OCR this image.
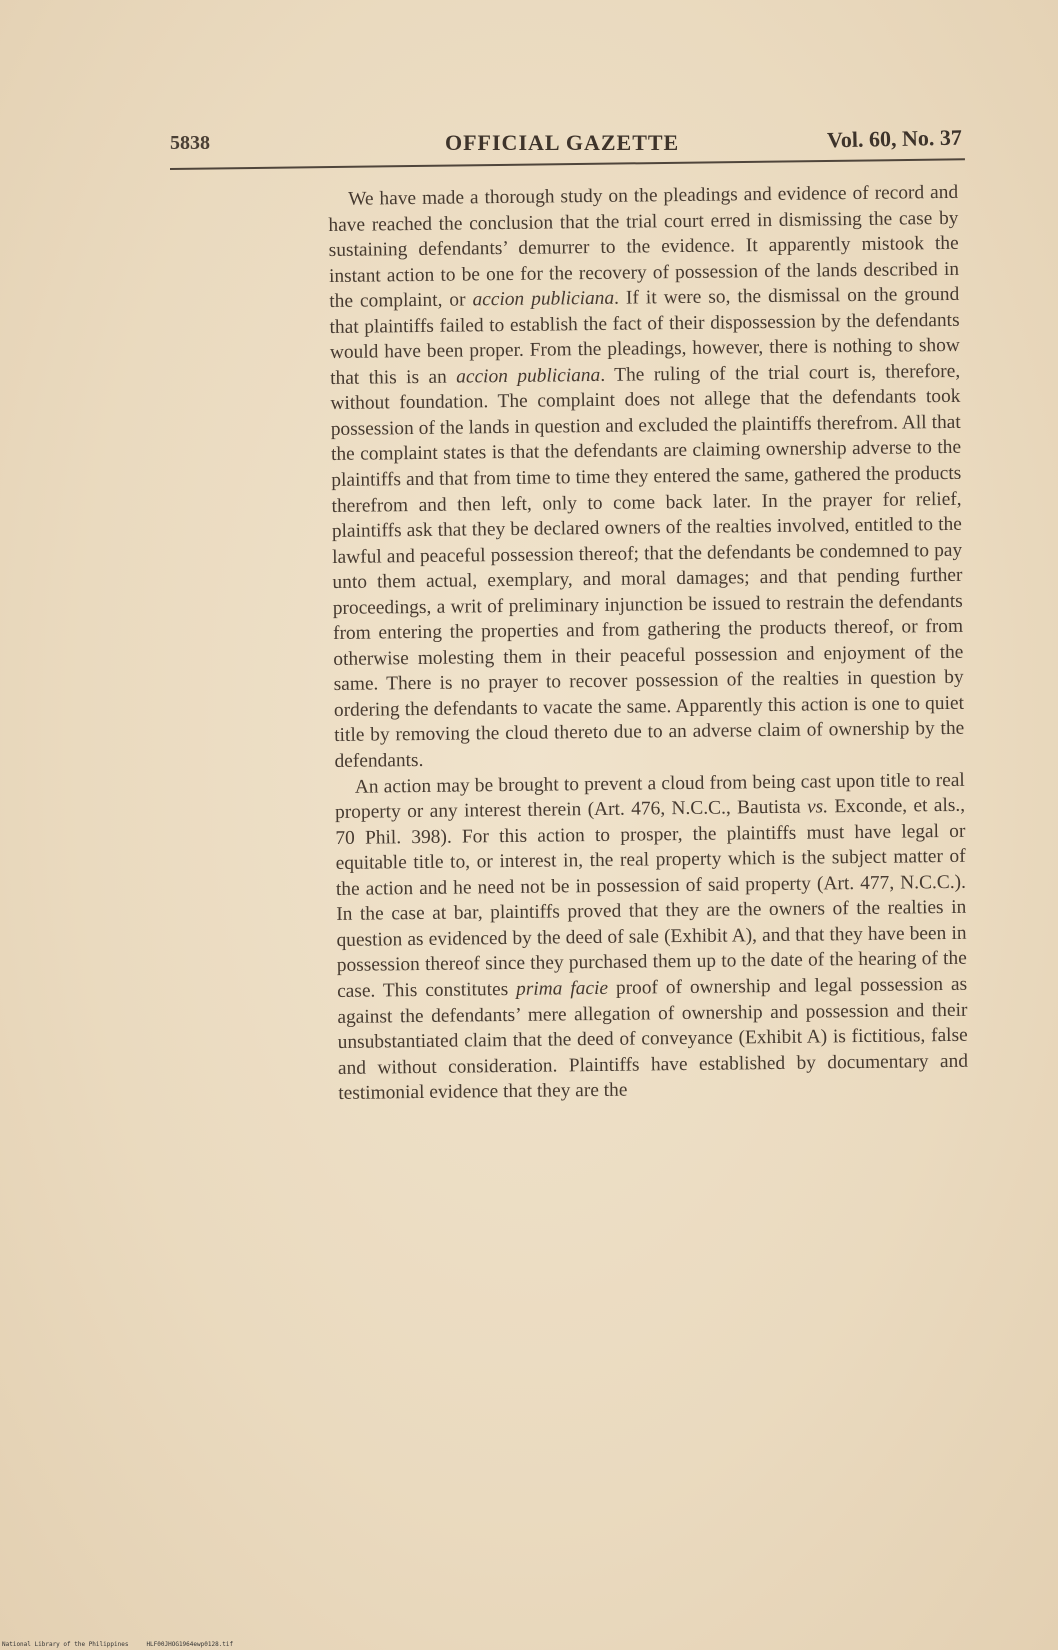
5838	OFFICIAL GAZETTE	Vol. 60, No. 37

We have made a thorough study on the pleadings and evidence of record and have reached the conclusion that the trial court erred in dismissing the case by sustaining defendants’ demurrer to the evidence. It apparently mistook the instant action to be one for the recovery of possession of the lands described in the complaint, or accion publiciana. If it were so, the dismissal on the ground that plaintiffs failed to establish the fact of their dispossession by the defendants would have been proper. From the pleadings, however, there is nothing to show that this is an accion publiciana. The ruling of the trial court is, therefore, without foundation. The complaint does not allege that the defendants took possession of the lands in question and excluded the plaintiffs therefrom. All that the complaint states is that the defendants are claiming ownership adverse to the plaintiffs and that from time to time they entered the same, gathered the products therefrom and then left, only to come back later. In the prayer for relief, plaintiffs ask that they be declared owners of the realties involved, entitled to the lawful and peaceful possession thereof; that the defendants be condemned to pay unto them actual, exemplary, and moral damages; and that pending further proceedings, a writ of preliminary injunction be issued to restrain the defendants from entering the properties and from gathering the products thereof, or from otherwise molesting them in their peaceful possession and enjoyment of the same. There is no prayer to recover possession of the realties in question by ordering the defendants to vacate the same. Apparently this action is one to quiet title by removing the cloud thereto due to an adverse claim of ownership by the defendants.

An action may be brought to prevent a cloud from being cast upon title to real property or any interest therein (Art. 476, N.C.C., Bautista vs. Exconde, et als., 70 Phil. 398). For this action to prosper, the plaintiffs must have legal or equitable title to, or interest in, the real property which is the subject matter of the action and he need not be in possession of said property (Art. 477, N.C.C.). In the case at bar, plaintiffs proved that they are the owners of the realties in question as evidenced by the deed of sale (Exhibit A), and that they have been in possession thereof since they purchased them up to the date of the hearing of the case. This constitutes prima facie proof of ownership and legal possession as against the defendants’ mere allegation of ownership and possession and their unsubstantiated claim that the deed of conveyance (Exhibit A) is fictitious, false and without consideration. Plaintiffs have established by documentary and testimonial evidence that they are the

National Library of the Philippines	HLF00JHOG1964ewp0128.tif
